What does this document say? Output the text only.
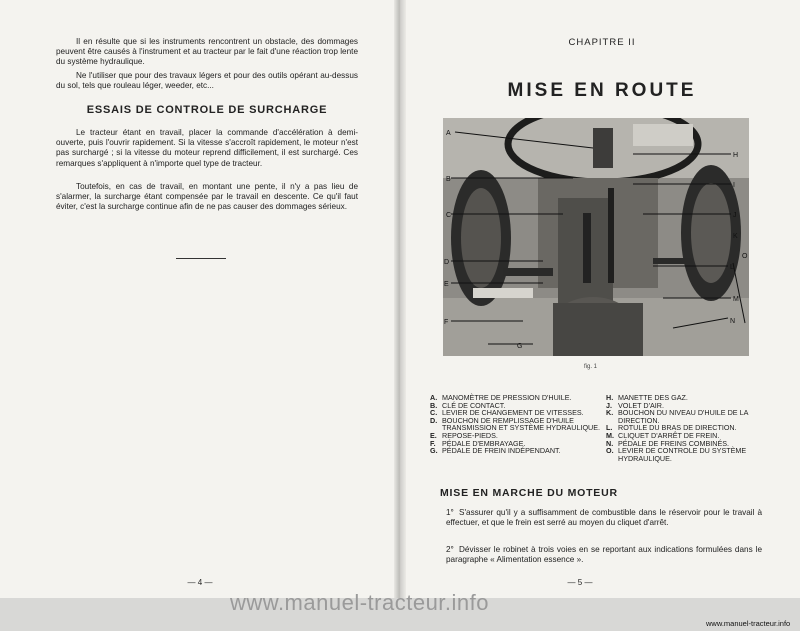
Il en résulte que si les instruments rencontrent un obstacle, des dommages peuvent être causés à l'instrument et au tracteur par le fait d'une réaction trop lente du système hydraulique.

Ne l'utiliser que pour des travaux légers et pour des outils opérant au-dessus du sol, tels que rouleau léger, weeder, etc...

ESSAIS DE CONTROLE DE SURCHARGE

Le tracteur étant en travail, placer la commande d'accélération à demi-ouverte, puis l'ouvrir rapidement. Si la vitesse s'accroît rapidement, le moteur n'est pas surchargé ; si la vitesse du moteur reprend difficilement, il est surchargé. Ces remarques s'appliquent à n'importe quel type de tracteur.

Toutefois, en cas de travail, en montant une pente, il n'y a pas lieu de s'alarmer, la surcharge étant compensée par le travail en descente. Ce qu'il faut éviter, c'est la surcharge continue afin de ne pas causer des dommages sérieux.

— 4 —
CHAPITRE II
MISE EN ROUTE
A
B
C
D
E
F
G
H
I
J
K
L
M
N
O
fig. 1
A. MANOMÈTRE DE PRESSION D'HUILE.
B. CLÉ DE CONTACT.
C. LEVIER DE CHANGEMENT DE VITESSES.
D. BOUCHON DE REMPLISSAGE D'HUILE TRANSMISSION ET SYSTÈME HYDRAULIQUE.
E. REPOSE-PIEDS.
F. PÉDALE D'EMBRAYAGE.
G. PÉDALE DE FREIN INDÉPENDANT.
H. MANETTE DES GAZ.
J. VOLET D'AIR.
K. BOUCHON DU NIVEAU D'HUILE DE LA DIRECTION.
L. ROTULE DU BRAS DE DIRECTION.
M. CLIQUET D'ARRÊT DE FREIN.
N. PÉDALE DE FREINS COMBINÉS.
O. LEVIER DE CONTROLE DU SYSTÈME HYDRAULIQUE.
MISE EN MARCHE DU MOTEUR

1° S'assurer qu'il y a suffisamment de combustible dans le réservoir pour le travail à effectuer, et que le frein est serré au moyen du cliquet d'arrêt.

2° Dévisser le robinet à trois voies en se reportant aux indications formulées dans le paragraphe « Alimentation essence ».

— 5 —
www.manuel-tracteur.info
www.manuel-tracteur.info
